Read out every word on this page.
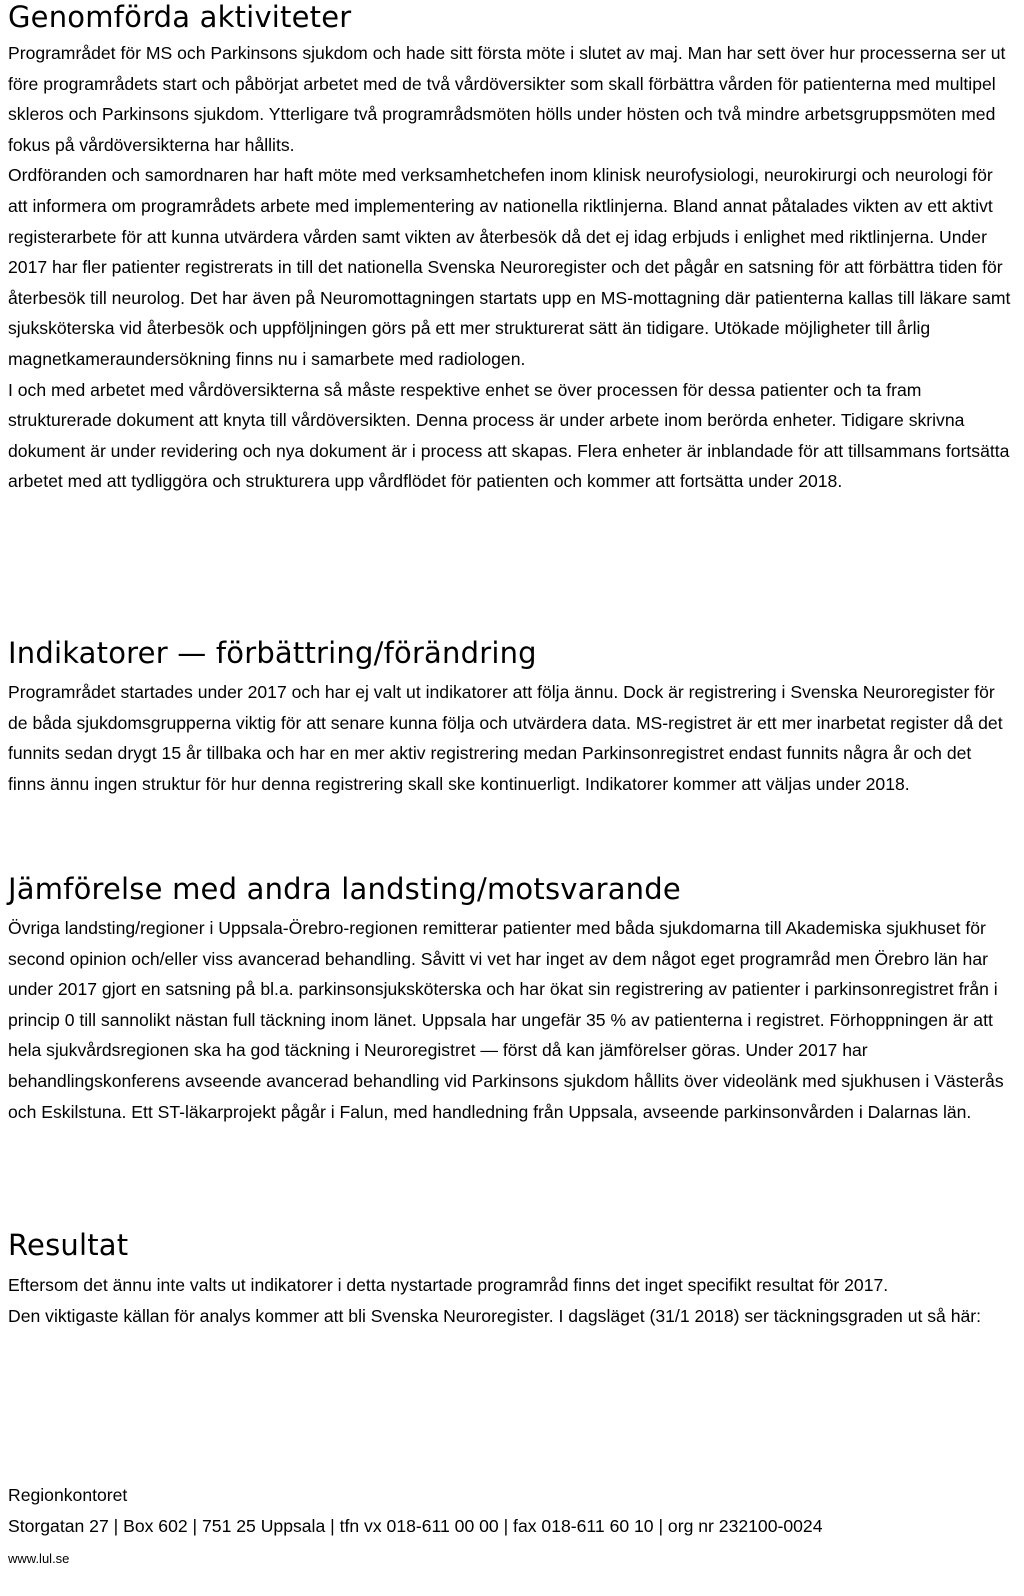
Genomförda aktiviteter

Programrådet för MS och Parkinsons sjukdom och hade sitt första möte i slutet av maj. Man har sett över hur processerna ser ut före programrådets start och påbörjat arbetet med de två vårdöversikter som skall förbättra vården för patienterna med multipel skleros och Parkinsons sjukdom. Ytterligare två programrådsmöten hölls under hösten och två mindre arbetsgruppsmöten med fokus på vårdöversikterna har hållits.

Ordföranden och samordnaren har haft möte med verksamhetchefen inom klinisk neurofysiologi, neurokirurgi och neurologi för att informera om programrådets arbete med implementering av nationella riktlinjerna. Bland annat påtalades vikten av ett aktivt registerarbete för att kunna utvärdera vården samt vikten av återbesök då det ej idag erbjuds i enlighet med riktlinjerna. Under 2017 har fler patienter registrerats in till det nationella Svenska Neuroregister och det pågår en satsning för att förbättra tiden för återbesök till neurolog. Det har även på Neuromottagningen startats upp en MS-mottagning där patienterna kallas till läkare samt sjuksköterska vid återbesök och uppföljningen görs på ett mer strukturerat sätt än tidigare. Utökade möjligheter till årlig magnetkameraundersökning finns nu i samarbete med radiologen.

I och med arbetet med vårdöversikterna så måste respektive enhet se över processen för dessa patienter och ta fram strukturerade dokument att knyta till vårdöversikten. Denna process är under arbete inom berörda enheter. Tidigare skrivna dokument är under revidering och nya dokument är i process att skapas. Flera enheter är inblandade för att tillsammans fortsätta arbetet med att tydliggöra och strukturera upp vårdflödet för patienten och kommer att fortsätta under 2018.

Indikatorer — förbättring/förändring

Programrådet startades under 2017 och har ej valt ut indikatorer att följa ännu. Dock är registrering i Svenska Neuroregister för de båda sjukdomsgrupperna viktig för att senare kunna följa och utvärdera data. MS-registret är ett mer inarbetat register då det funnits sedan drygt 15 år tillbaka och har en mer aktiv registrering medan Parkinsonregistret endast funnits några år och det finns ännu ingen struktur för hur denna registrering skall ske kontinuerligt. Indikatorer kommer att väljas under 2018.

Jämförelse med andra landsting/motsvarande

Övriga landsting/regioner i Uppsala-Örebro-regionen remitterar patienter med båda sjukdomarna till Akademiska sjukhuset för second opinion och/eller viss avancerad behandling. Såvitt vi vet har inget av dem något eget programråd men Örebro län har under 2017 gjort en satsning på bl.a. parkinsonsjuksköterska och har ökat sin registrering av patienter i parkinsonregistret från i princip 0 till sannolikt nästan full täckning inom länet. Uppsala har ungefär 35 % av patienterna i registret. Förhoppningen är att hela sjukvårdsregionen ska ha god täckning i Neuroregistret — först då kan jämförelser göras. Under 2017 har behandlingskonferens avseende avancerad behandling vid Parkinsons sjukdom hållits över videolänk med sjukhusen i Västerås och Eskilstuna. Ett ST-läkarprojekt pågår i Falun, med handledning från Uppsala, avseende parkinsonvården i Dalarnas län.

Resultat

Eftersom det ännu inte valts ut indikatorer i detta nystartade programråd finns det inget specifikt resultat för 2017.

Den viktigaste källan för analys kommer att bli Svenska Neuroregister. I dagsläget (31/1 2018) ser täckningsgraden ut så här:

Regionkontoret
Storgatan 27 | Box 602 | 751 25 Uppsala | tfn vx 018-611 00 00 | fax 018-611 60 10 | org nr 232100-0024
www.lul.se
